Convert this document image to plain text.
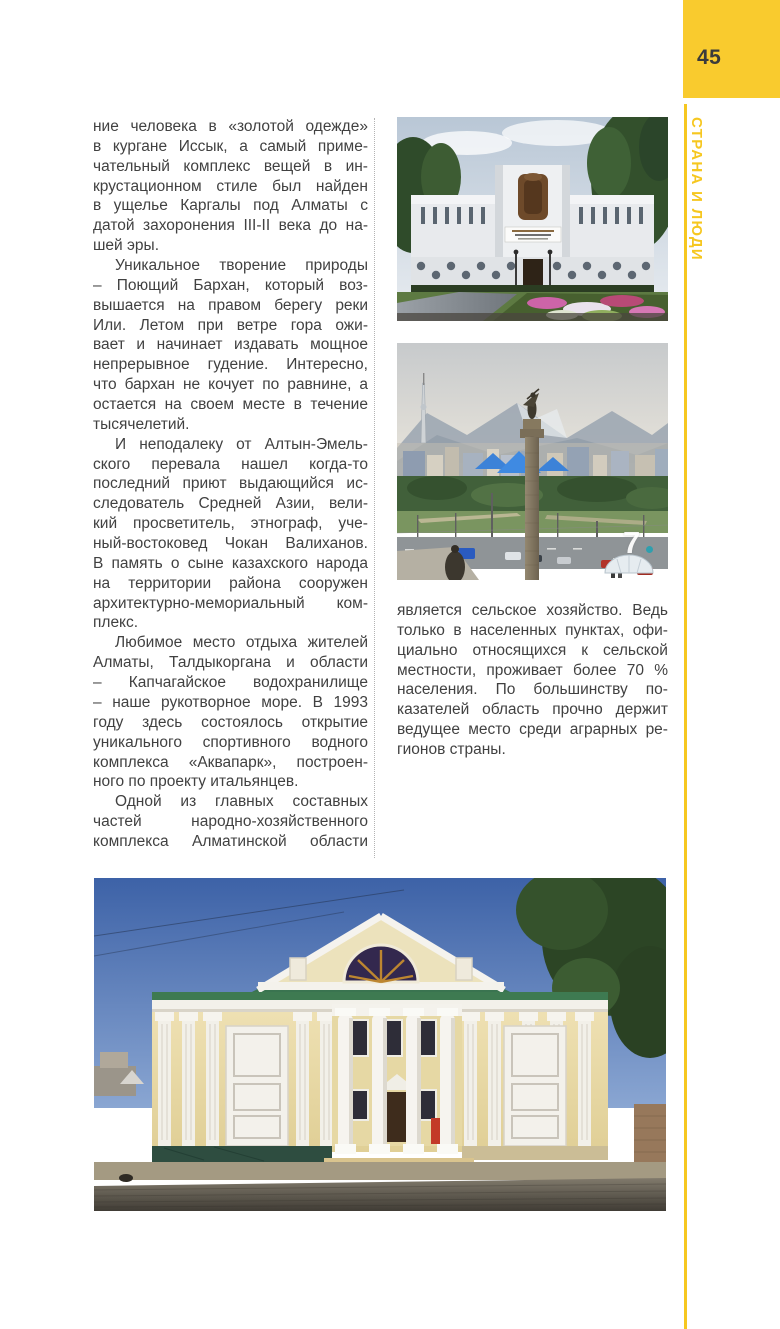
45
СТРАНА И ЛЮДИ
ние человека в «золотой одежде»
в кургане Иссык, а самый приме-
чательный комплекс вещей в ин-
крустационном стиле был найден
в ущелье Каргалы под Алматы с
датой захоронения III-II века до на-
шей эры.
Уникальное творение природы
– Поющий Бархан, который воз-
вышается на правом берегу реки
Или. Летом при ветре гора ожи-
вает и начинает издавать мощное
непрерывное гудение. Интересно,
что бархан не кочует по равнине, а
остается на своем месте в течение
тысячелетий.
И неподалеку от Алтын-Эмель-
ского перевала нашел когда-то
последний приют выдающийся ис-
следователь Средней Азии, вели-
кий просветитель, этнограф, уче-
ный-востоковед Чокан Валиханов.
В память о сыне казахского народа
на территории района сооружен
архитектурно-мемориальный ком-
плекс.
Любимое место отдыха жителей
Алматы, Талдыкоргана и области
– Капчагайское водохранилище
– наше рукотворное море. В 1993
году здесь состоялось открытие
уникального спортивного водного
комплекса «Аквапарк», построен-
ного по проекту итальянцев.
Одной из главных составных
частей	народно-хозяйственного
комплекса Алматинской области
является сельское хозяйство. Ведь
только в населенных пунктах, офи-
циально относящихся к сельской
местности, проживает более 70 %
населения. По большинству по-
казателей область прочно держит
ведущее место среди аграрных ре-
гионов страны.
7
